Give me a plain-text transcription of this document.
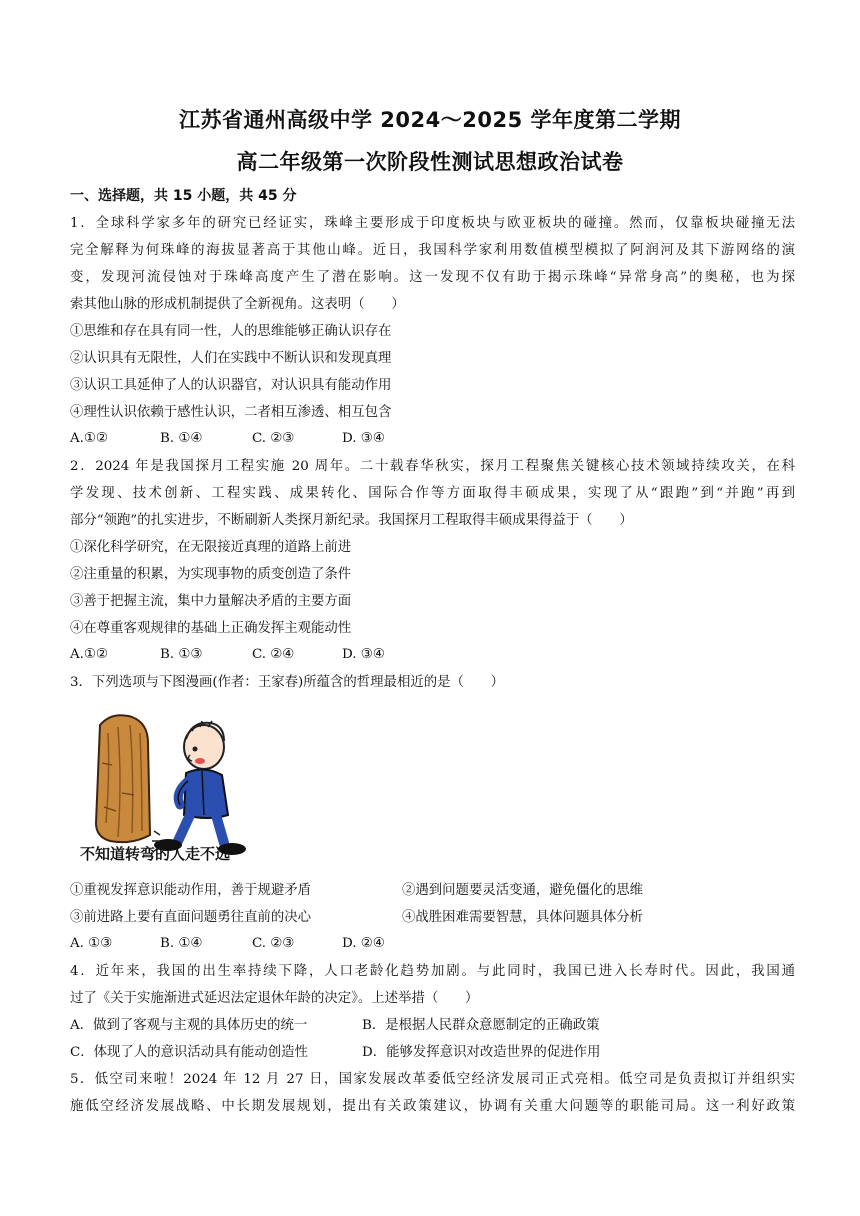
江苏省通州高级中学 2024～2025 学年度第二学期
高二年级第一次阶段性测试思想政治试卷
一、选择题，共 15 小题，共 45 分
1．全球科学家多年的研究已经证实，珠峰主要形成于印度板块与欧亚板块的碰撞。然而，仅靠板块碰撞无法
完全解释为何珠峰的海拔显著高于其他山峰。近日，我国科学家利用数值模型模拟了阿润河及其下游网络的演
变，发现河流侵蚀对于珠峰高度产生了潜在影响。这一发现不仅有助于揭示珠峰“异常身高”的奥秘，也为探
索其他山脉的形成机制提供了全新视角。这表明（　　）
①思维和存在具有同一性，人的思维能够正确认识存在
②认识具有无限性，人们在实践中不断认识和发现真理
③认识工具延伸了人的认识器官，对认识具有能动作用
④理性认识依赖于感性认识，二者相互渗透、相互包含
A.①②	B. ①④	C. ②③	D. ③④
2．2024 年是我国探月工程实施 20 周年。二十载春华秋实，探月工程聚焦关键核心技术领域持续攻关，在科
学发现、技术创新、工程实践、成果转化、国际合作等方面取得丰硕成果，实现了从“跟跑”到“并跑”再到
部分“领跑”的扎实进步，不断刷新人类探月新纪录。我国探月工程取得丰硕成果得益于（　　）
①深化科学研究，在无限接近真理的道路上前进
②注重量的积累，为实现事物的质变创造了条件
③善于把握主流，集中力量解决矛盾的主要方面
④在尊重客观规律的基础上正确发挥主观能动性
A.①②	B. ①③	C. ②④	D. ③④
3．下列选项与下图漫画(作者：王家春)所蕴含的哲理最相近的是（　　）
不知道转弯的人走不远
①重视发挥意识能动作用，善于规避矛盾	②遇到问题要灵活变通，避免僵化的思维
③前进路上要有直面问题勇往直前的决心	④战胜困难需要智慧，具体问题具体分析
A. ①③	B. ①④	C. ②③	D. ②④
4．近年来，我国的出生率持续下降，人口老龄化趋势加剧。与此同时，我国已进入长寿时代。因此，我国通
过了《关于实施渐进式延迟法定退休年龄的决定》。上述举措（　　）
A．做到了客观与主观的具体历史的统一	B．是根据人民群众意愿制定的正确政策
C．体现了人的意识活动具有能动创造性	D．能够发挥意识对改造世界的促进作用
5．低空司来啦！2024 年 12 月 27 日，国家发展改革委低空经济发展司正式亮相。低空司是负责拟订并组织实
施低空经济发展战略、中长期发展规划，提出有关政策建议，协调有关重大问题等的职能司局。这一利好政策
